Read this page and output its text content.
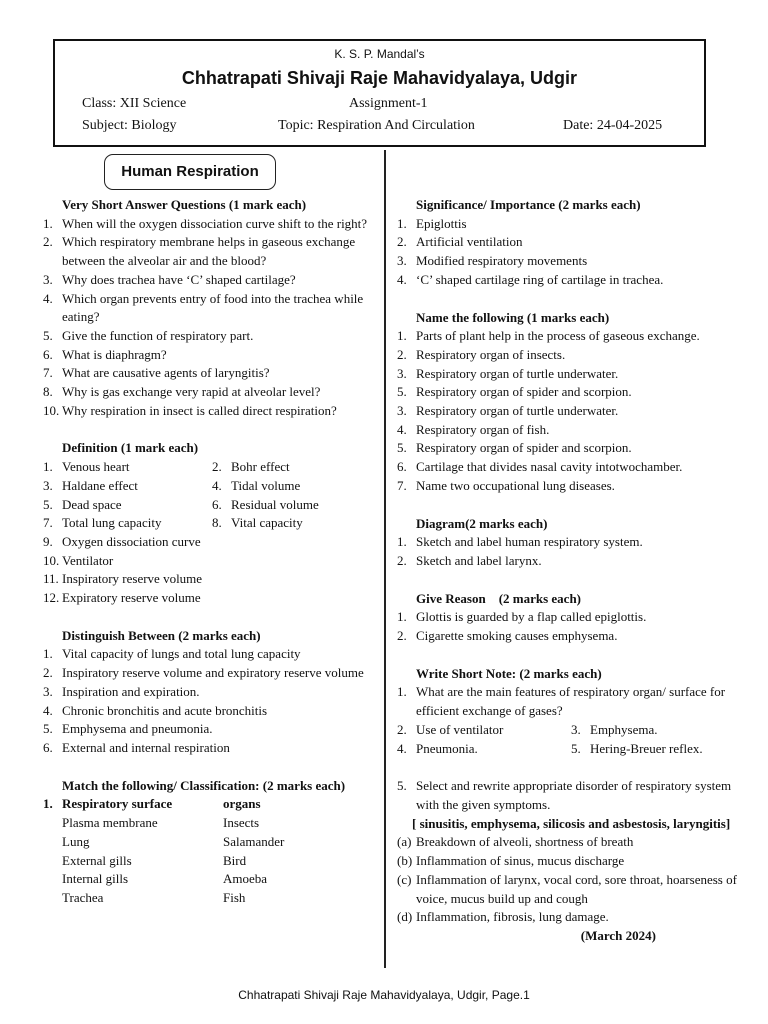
K. S. P. Mandal’s
Chhatrapati Shivaji Raje Mahavidyalaya, Udgir
Class: XII Science	Assignment-1
Subject: Biology	Topic: Respiration And Circulation	Date: 24-04-2025
Human Respiration
Very Short Answer Questions (1 mark each)
1. When will the oxygen dissociation curve shift to the right?
2. Which respiratory membrane helps in gaseous exchange between the alveolar air and the blood?
3. Why does trachea have ‘C’ shaped cartilage?
4. Which organ prevents entry of food into the trachea while eating?
5. Give the function of respiratory part.
6. What is diaphragm?
7. What are causative agents of laryngitis?
8. Why is gas exchange very rapid at alveolar level?
10. Why respiration in insect is called direct respiration?
Definition (1 mark each)
1. Venous heart	2. Bohr effect
3. Haldane effect	4. Tidal volume
5. Dead space	6. Residual volume
7. Total lung capacity	8. Vital capacity
9. Oxygen dissociation curve
10. Ventilator
11. Inspiratory reserve volume
12. Expiratory reserve volume
Distinguish Between (2 marks each)
1. Vital capacity of lungs and total lung capacity
2. Inspiratory reserve volume and expiratory reserve volume
3. Inspiration and expiration.
4. Chronic bronchitis and acute bronchitis
5. Emphysema and pneumonia.
6. External and internal respiration
Match the following/ Classification: (2 marks each)
1. Respiratory surface	organs
Plasma membrane	Insects
Lung	Salamander
External gills	Bird
Internal gills	Amoeba
Trachea	Fish
Significance/ Importance (2 marks each)
1. Epiglottis
2. Artificial ventilation
3. Modified respiratory movements
4. ‘C’ shaped cartilage ring of cartilage in trachea.
Name the following (1 marks each)
1. Parts of plant help in the process of gaseous exchange.
2. Respiratory organ of insects.
3. Respiratory organ of turtle underwater.
5. Respiratory organ of spider and scorpion.
3. Respiratory organ of turtle underwater.
4. Respiratory organ of fish.
5. Respiratory organ of spider and scorpion.
6. Cartilage that divides nasal cavity intotwochamber.
7. Name two occupational lung diseases.
Diagram(2 marks each)
1. Sketch and label human respiratory system.
2. Sketch and label larynx.
Give Reason    (2 marks each)
1. Glottis is guarded by a flap called epiglottis.
2. Cigarette smoking causes emphysema.
Write Short Note: (2 marks each)
1. What are the main features of respiratory organ/ surface for efficient exchange of gases?
2. Use of ventilator	3. Emphysema.
4. Pneumonia.	5. Hering-Breuer reflex.
5. Select and rewrite appropriate disorder of respiratory system with the given symptoms.
[ sinusitis, emphysema, silicosis and asbestosis, laryngitis]
(a) Breakdown of alveoli, shortness of breath
(b) Inflammation of sinus, mucus discharge
(c) Inflammation of larynx, vocal cord, sore throat, hoarseness of voice, mucus build up and cough
(d) Inflammation, fibrosis, lung damage.
(March 2024)
Chhatrapati Shivaji Raje Mahavidyalaya, Udgir, Page.1
